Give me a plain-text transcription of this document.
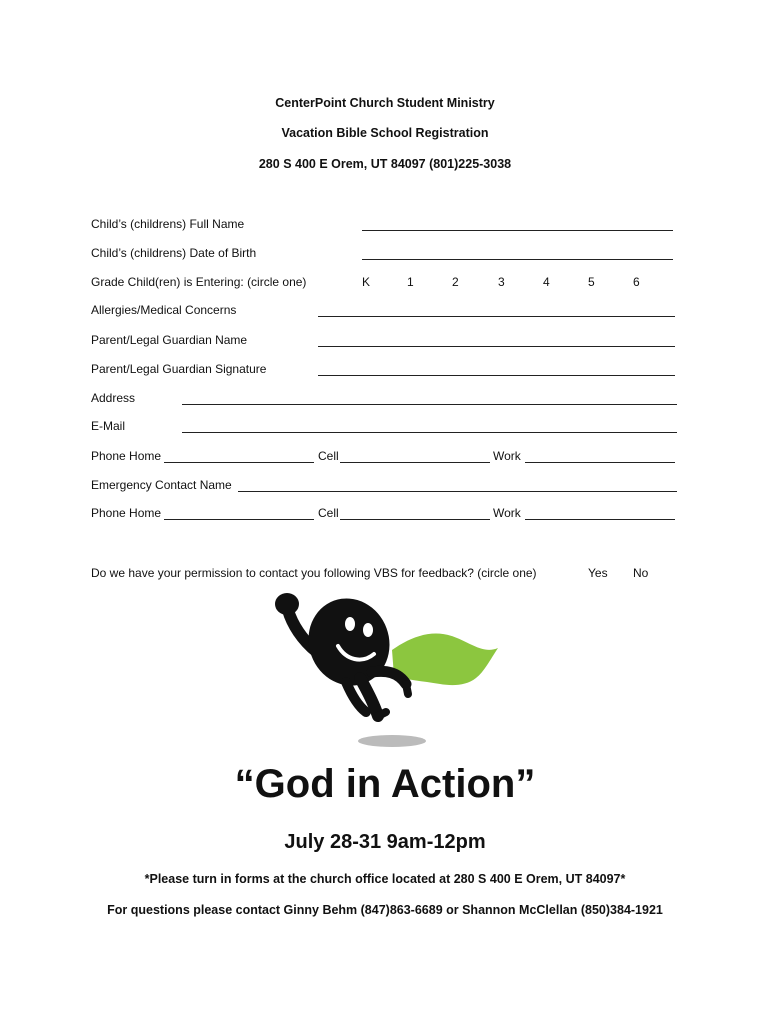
CenterPoint Church Student Ministry
Vacation Bible School Registration
280 S 400 E Orem, UT 84097 (801)225-3038
Child’s (childrens) Full Name
Child’s (childrens) Date of Birth
Grade Child(ren) is Entering: (circle one)	K	1	2	3	4	5	6
Allergies/Medical Concerns
Parent/Legal Guardian Name
Parent/Legal Guardian Signature
Address
E-Mail
Phone Home	Cell	Work
Emergency Contact Name
Phone Home	Cell	Work
Do we have your permission to contact you following VBS for feedback? (circle one)	Yes No
“God in Action”
July 28-31 9am-12pm
*Please turn in forms at the church office located at 280 S 400 E Orem, UT 84097*
For questions please contact Ginny Behm (847)863-6689 or Shannon McClellan (850)384-1921
